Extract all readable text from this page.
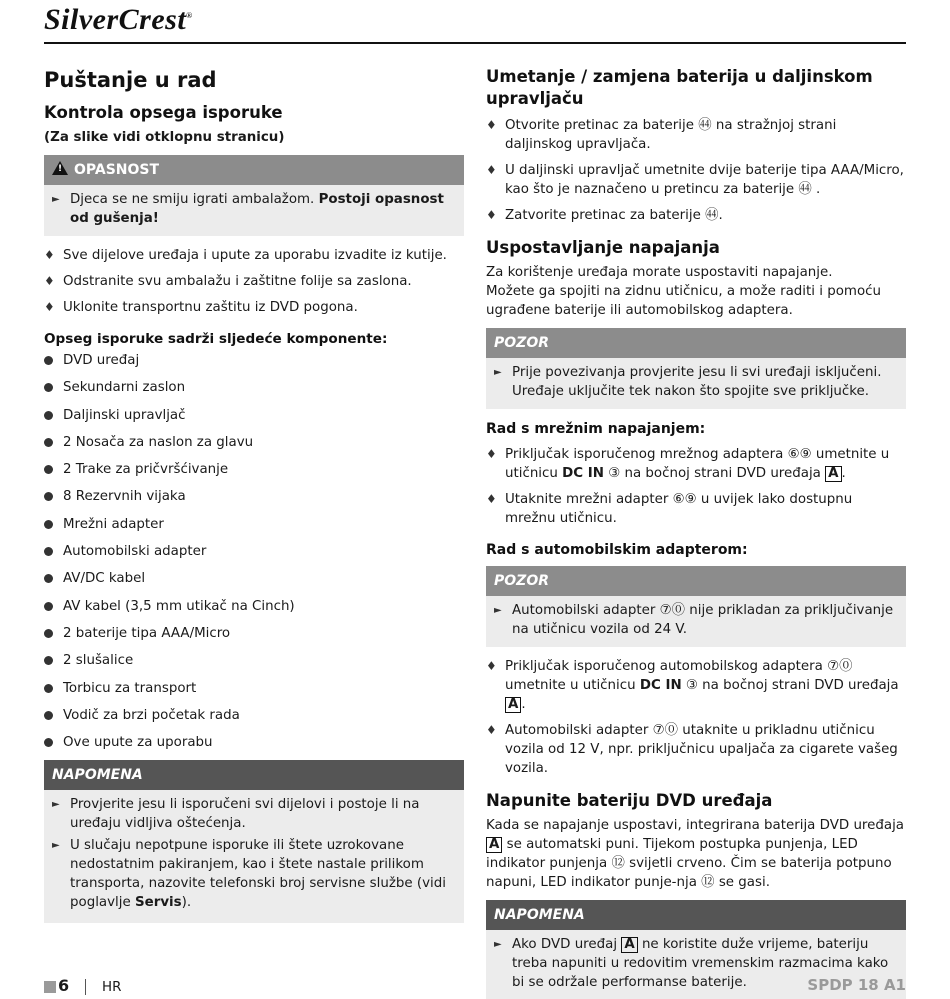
SilverCrest®
Puštanje u rad
Kontrola opsega isporuke
(Za slike vidi otklopnu stranicu)
!OPASNOST
► Djeca se ne smiju igrati ambalažom. Postoji opasnost od gušenja!
♦ Sve dijelove uređaja i upute za uporabu izvadite iz kutije.
♦ Odstranite svu ambalažu i zaštitne folije sa zaslona.
♦ Uklonite transportnu zaštitu iz DVD pogona.
Opseg isporuke sadrži sljedeće komponente:
DVD uređaj
Sekundarni zaslon
Daljinski upravljač
2 Nosača za naslon za glavu
2 Trake za pričvršćivanje
8 Rezervnih vijaka
Mrežni adapter
Automobilski adapter
AV/DC kabel
AV kabel (3,5 mm utikač na Cinch)
2 baterije tipa AAA/Micro
2 slušalice
Torbicu za transport
Vodič za brzi početak rada
Ove upute za uporabu
NAPOMENA
► Provjerite jesu li isporučeni svi dijelovi i postoje li na uređaju vidljiva oštećenja.
► U slučaju nepotpune isporuke ili štete uzrokovane nedostatnim pakiranjem, kao i štete nastale prilikom transporta, nazovite telefonski broj servisne službe (vidi poglavlje Servis).
Umetanje / zamjena baterija u daljinskom upravljaču
♦ Otvorite pretinac za baterije ㊹ na stražnjoj strani daljinskog upravljača.
♦ U daljinski upravljač umetnite dvije baterije tipa AAA/Micro, kao što je naznačeno u pretincu za baterije ㊹ .
♦ Zatvorite pretinac za baterije ㊹.
Uspostavljanje napajanja

Za korištenje uređaja morate uspostaviti napajanje.
Možete ga spojiti na zidnu utičnicu, a može raditi i pomoću ugrađene baterije ili automobilskog adaptera.

POZOR
► Prije povezivanja provjerite jesu li svi uređaji isključeni. Uređaje uključite tek nakon što spojite sve priključke.
Rad s mrežnim napajanjem:
♦ Priključak isporučenog mrežnog adaptera ⑥⑨ umetnite u utičnicu DC IN ③ na bočnoj strani DVD uređaja A .
♦ Utaknite mrežni adapter ⑥⑨ u uvijek lako dostupnu mrežnu utičnicu.
Rad s automobilskim adapterom:
POZOR
► Automobilski adapter ⑦⓪ nije prikladan za priključivanje na utičnicu vozila od 24 V.
♦ Priključak isporučenog automobilskog adaptera ⑦⓪ umetnite u utičnicu DC IN ③ na bočnoj strani DVD uređaja A .
♦ Automobilski adapter ⑦⓪ utaknite u prikladnu utičnicu vozila od 12 V, npr. priključnicu upaljača za cigarete vašeg vozila.
Napunite bateriju DVD uređaja

Kada se napajanje uspostavi, integrirana baterija DVD uređaja A se automatski puni. Tijekom postupka punjenja, LED indikator punjenja ⑫ svijetli crveno. Čim se baterija potpuno napuni, LED indikator punje-nja ⑫ se gasi.

NAPOMENA
► Ako DVD uređaj A ne koristite duže vrijeme, bateriju treba napuniti u redovitim vremenskim razmacima kako bi se održale performanse baterije.
6 HR	SPDP 18 A1
